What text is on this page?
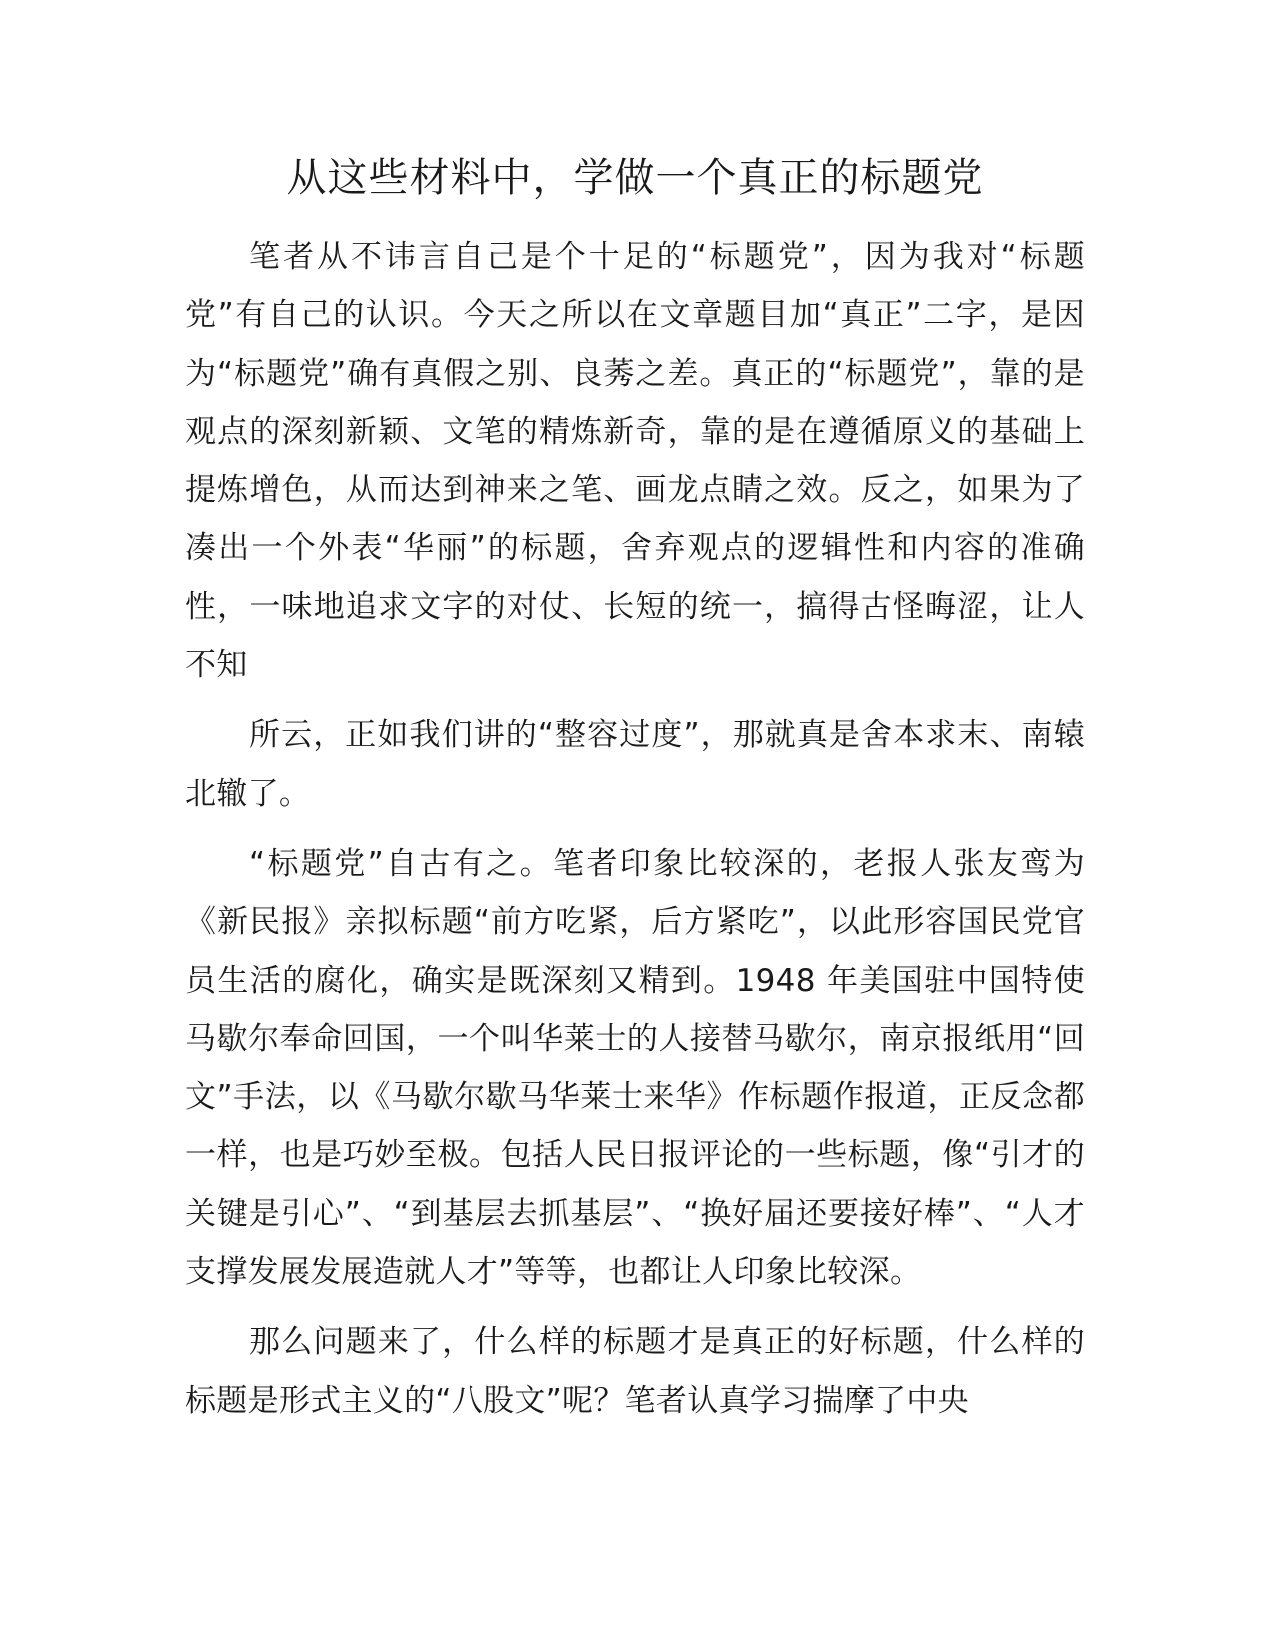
从这些材料中，学做一个真正的标题党

笔者从不讳言自己是个十足的“标题党”，因为我对“标题党”有自己的认识。今天之所以在文章题目加“真正”二字，是因为“标题党”确有真假之别、良莠之差。真正的“标题党”，靠的是观点的深刻新颖、文笔的精炼新奇，靠的是在遵循原义的基础上提炼增色，从而达到神来之笔、画龙点睛之效。反之，如果为了凑出一个外表“华丽”的标题，舍弃观点的逻辑性和内容的准确性，一味地追求文字的对仗、长短的统一，搞得古怪晦涩，让人不知

所云，正如我们讲的“整容过度”，那就真是舍本求末、南辕北辙了。

“标题党”自古有之。笔者印象比较深的，老报人张友鸾为《新民报》亲拟标题“前方吃紧，后方紧吃”，以此形容国民党官员生活的腐化，确实是既深刻又精到。1948 年美国驻中国特使马歇尔奉命回国，一个叫华莱士的人接替马歇尔，南京报纸用“回文”手法，以《马歇尔歇马华莱士来华》作标题作报道，正反念都一样，也是巧妙至极。包括人民日报评论的一些标题，像“引才的关键是引心”、“到基层去抓基层”、“换好届还要接好棒”、“人才支撑发展发展造就人才”等等，也都让人印象比较深。

那么问题来了，什么样的标题才是真正的好标题，什么样的标题是形式主义的“八股文”呢？笔者认真学习揣摩了中央
